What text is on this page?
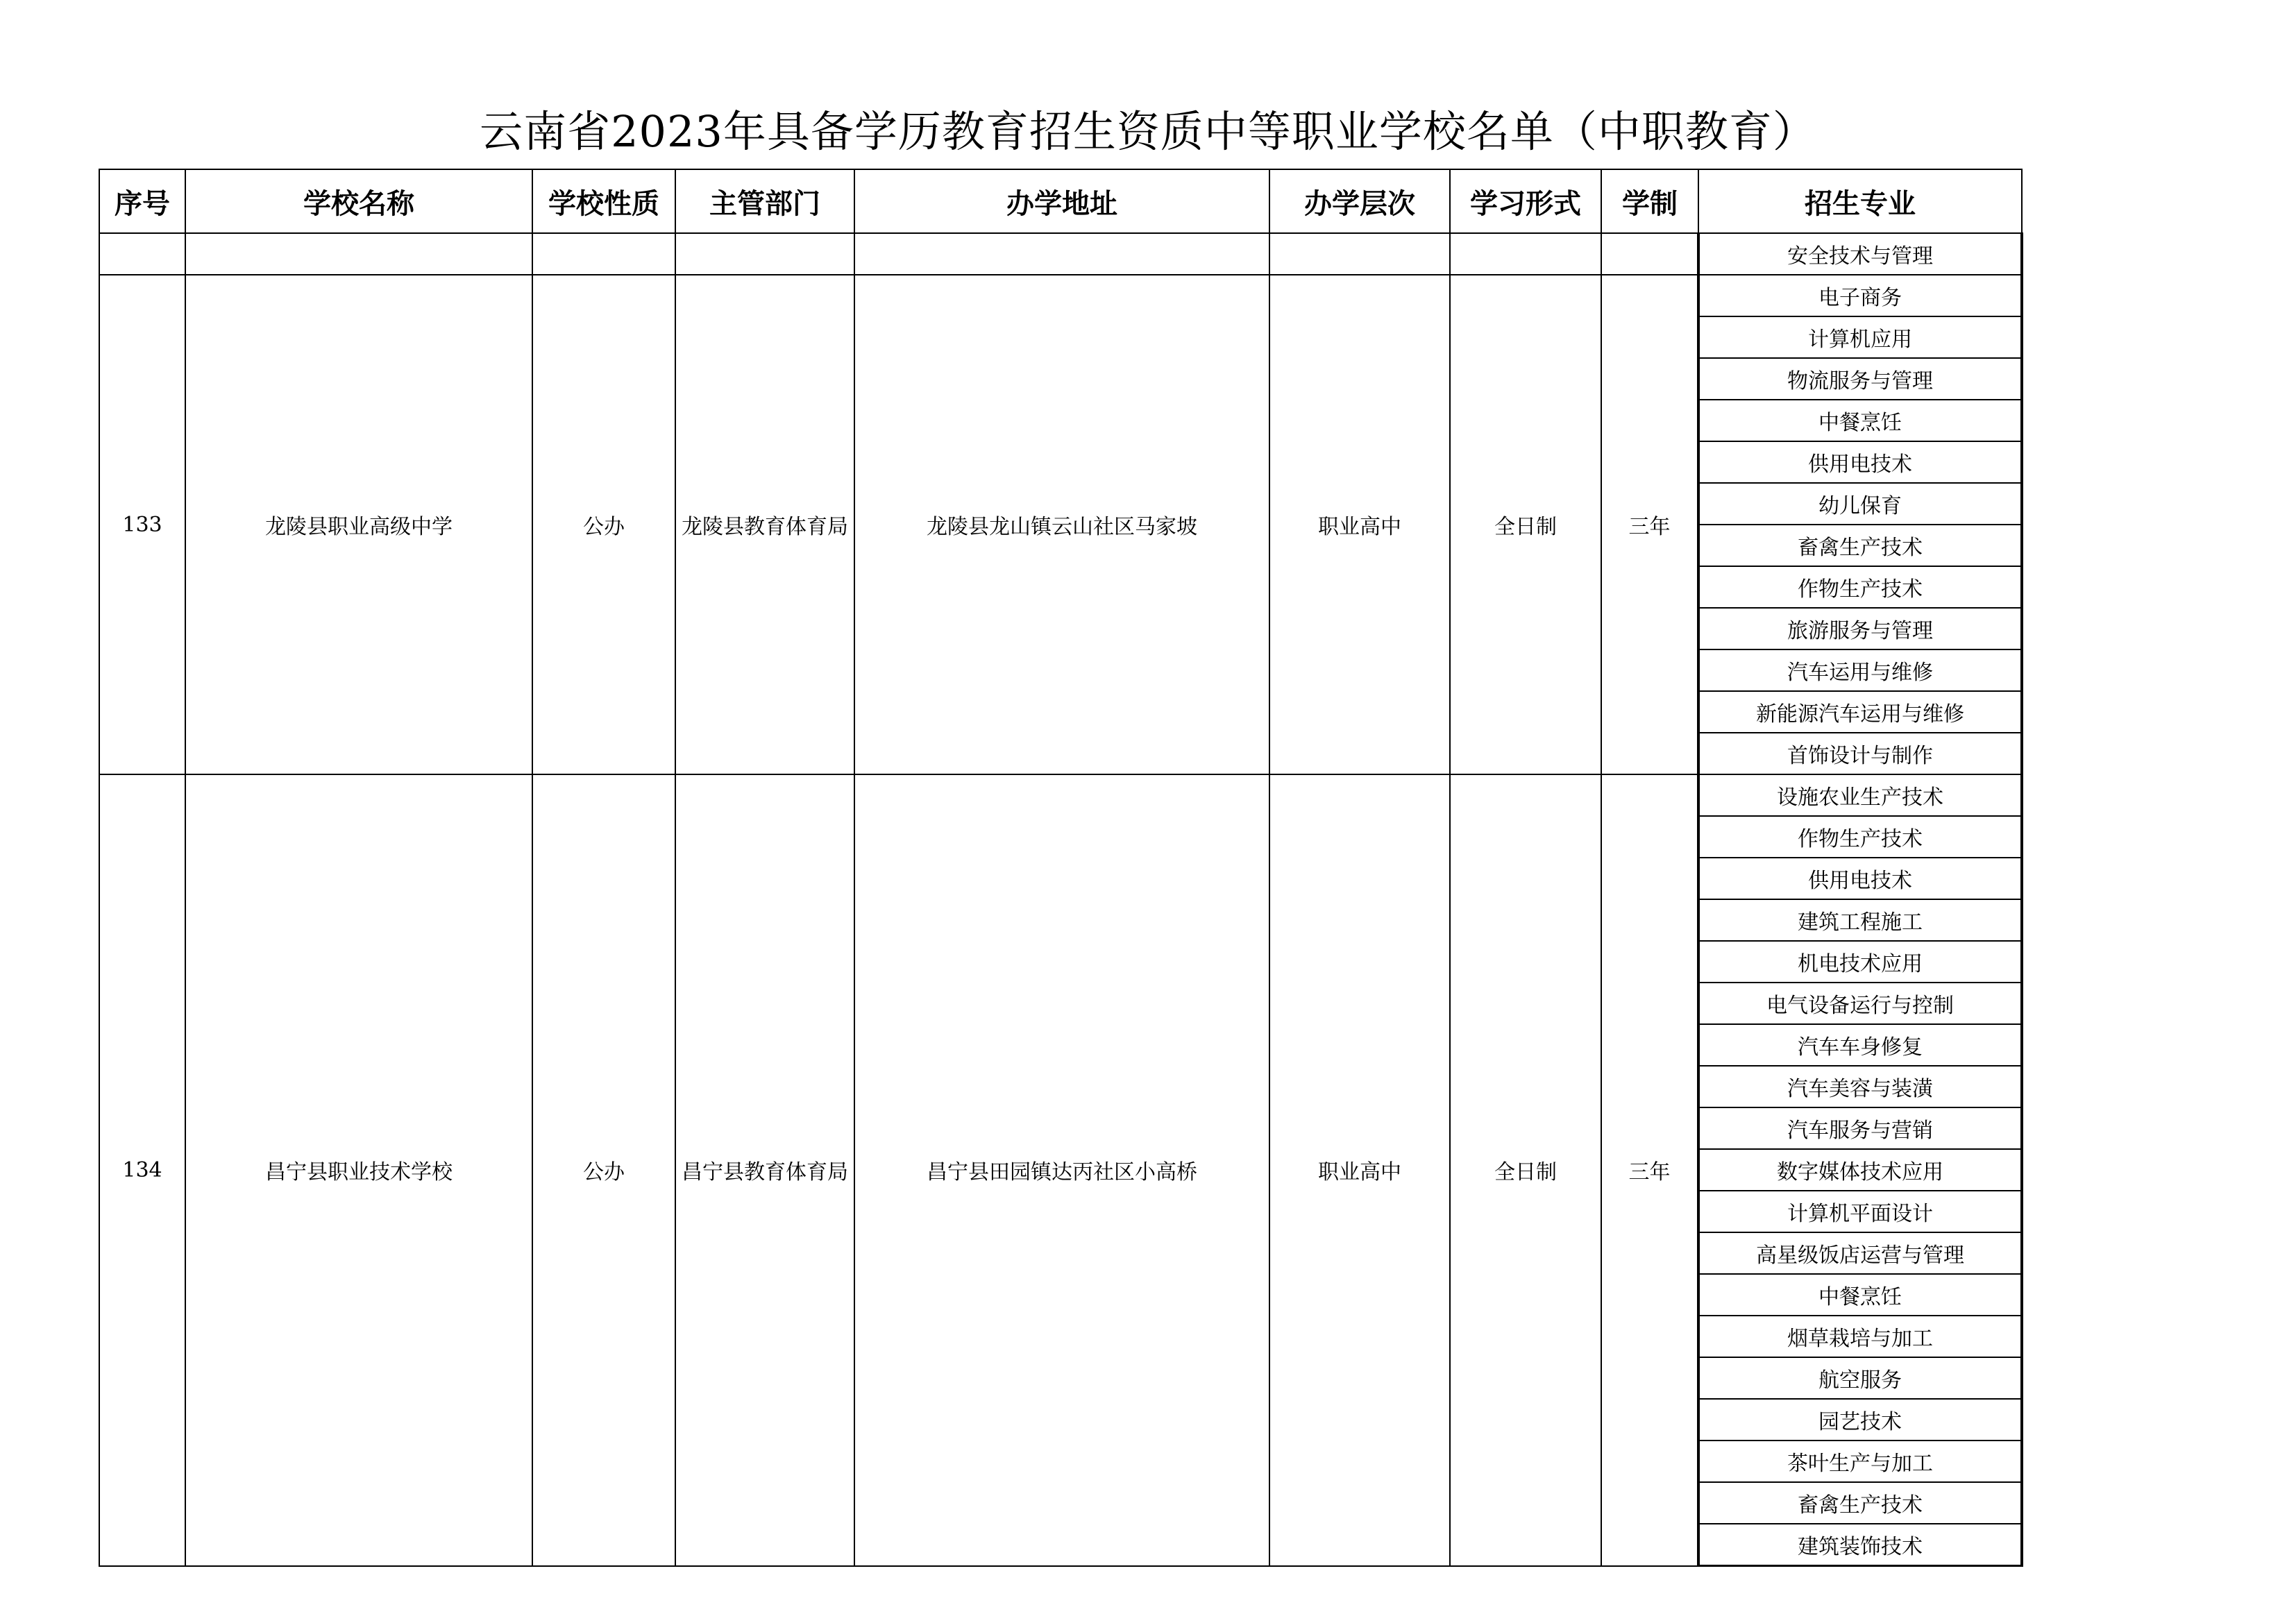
云南省2023年具备学历教育招生资质中等职业学校名单（中职教育）
序号	学校名称	学校性质	主管部门	办学地址	办学层次	学习形式	学制	招生专业
								安全技术与管理
133	龙陵县职业高级中学	公办	龙陵县教育体育局	龙陵县龙山镇云山社区马家坡	职业高中	全日制	三年	电子商务
								计算机应用
								物流服务与管理
								中餐烹饪
								供用电技术
								幼儿保育
								畜禽生产技术
								作物生产技术
								旅游服务与管理
								汽车运用与维修
								新能源汽车运用与维修
								首饰设计与制作
134	昌宁县职业技术学校	公办	昌宁县教育体育局	昌宁县田园镇达丙社区小高桥	职业高中	全日制	三年	设施农业生产技术
								作物生产技术
								供用电技术
								建筑工程施工
								机电技术应用
								电气设备运行与控制
								汽车车身修复
								汽车美容与装潢
								汽车服务与营销
								数字媒体技术应用
								计算机平面设计
								高星级饭店运营与管理
								中餐烹饪
								烟草栽培与加工
								航空服务
								园艺技术
								茶叶生产与加工
								畜禽生产技术
								建筑装饰技术
